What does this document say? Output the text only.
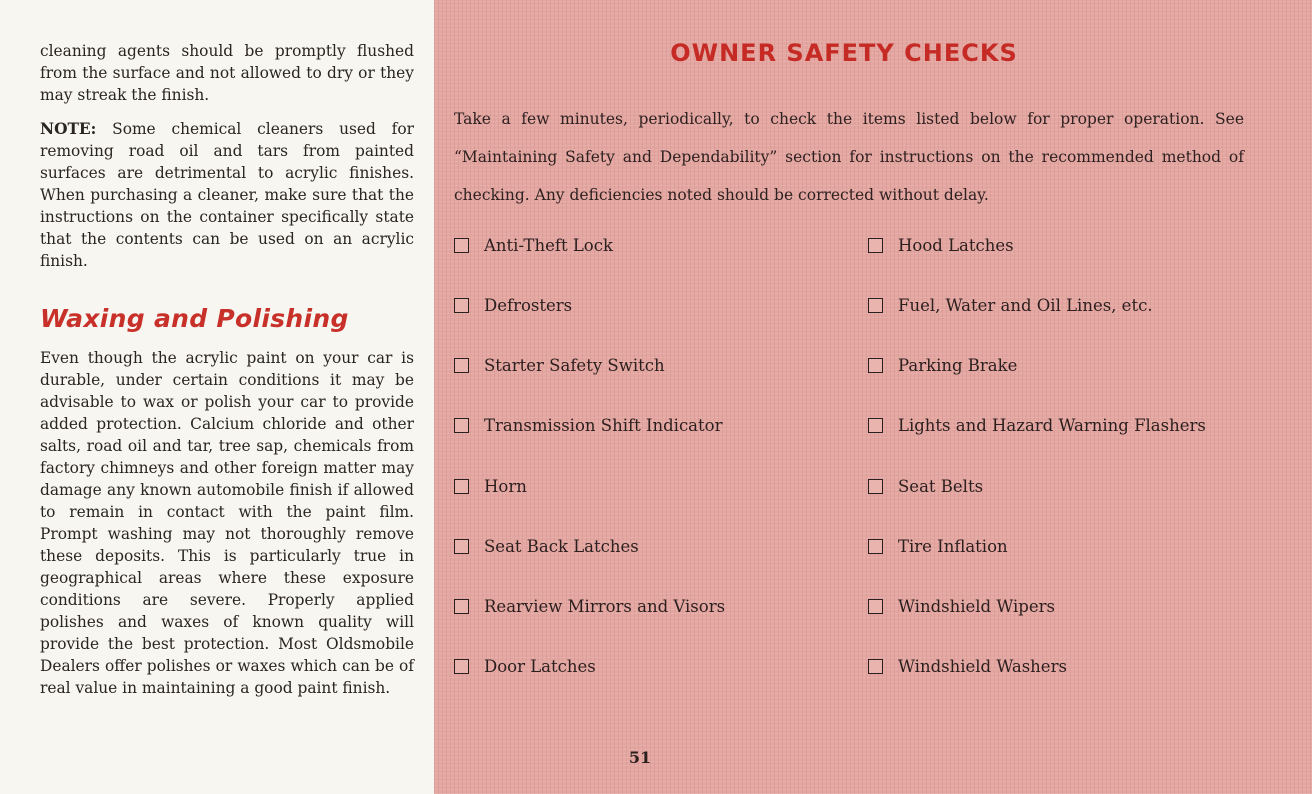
cleaning agents should be promptly flushed from the surface and not allowed to dry or they may streak the finish.

NOTE: Some chemical cleaners used for removing road oil and tars from painted surfaces are detrimental to acrylic finishes. When purchasing a cleaner, make sure that the instructions on the container specifically state that the contents can be used on an acrylic finish.

Waxing and Polishing

Even though the acrylic paint on your car is durable, under certain conditions it may be advisable to wax or polish your car to provide added protection. Calcium chloride and other salts, road oil and tar, tree sap, chemicals from factory chimneys and other foreign matter may damage any known automobile finish if allowed to remain in contact with the paint film. Prompt washing may not thoroughly remove these deposits. This is particularly true in geographical areas where these exposure conditions are severe. Properly applied polishes and waxes of known quality will provide the best protection. Most Oldsmobile Dealers offer polishes or waxes which can be of real value in maintaining a good paint finish.

OWNER SAFETY CHECKS

Take a few minutes, periodically, to check the items listed below for proper operation. See “Maintaining Safety and Dependability” section for instructions on the recommended method of checking. Any deficiencies noted should be corrected without delay.

Anti-Theft Lock
Defrosters
Starter Safety Switch
Transmission Shift Indicator
Horn
Seat Back Latches
Rearview Mirrors and Visors
Door Latches
Hood Latches
Fuel, Water and Oil Lines, etc.
Parking Brake
Lights and Hazard Warning Flashers
Seat Belts
Tire Inflation
Windshield Wipers
Windshield Washers
51
